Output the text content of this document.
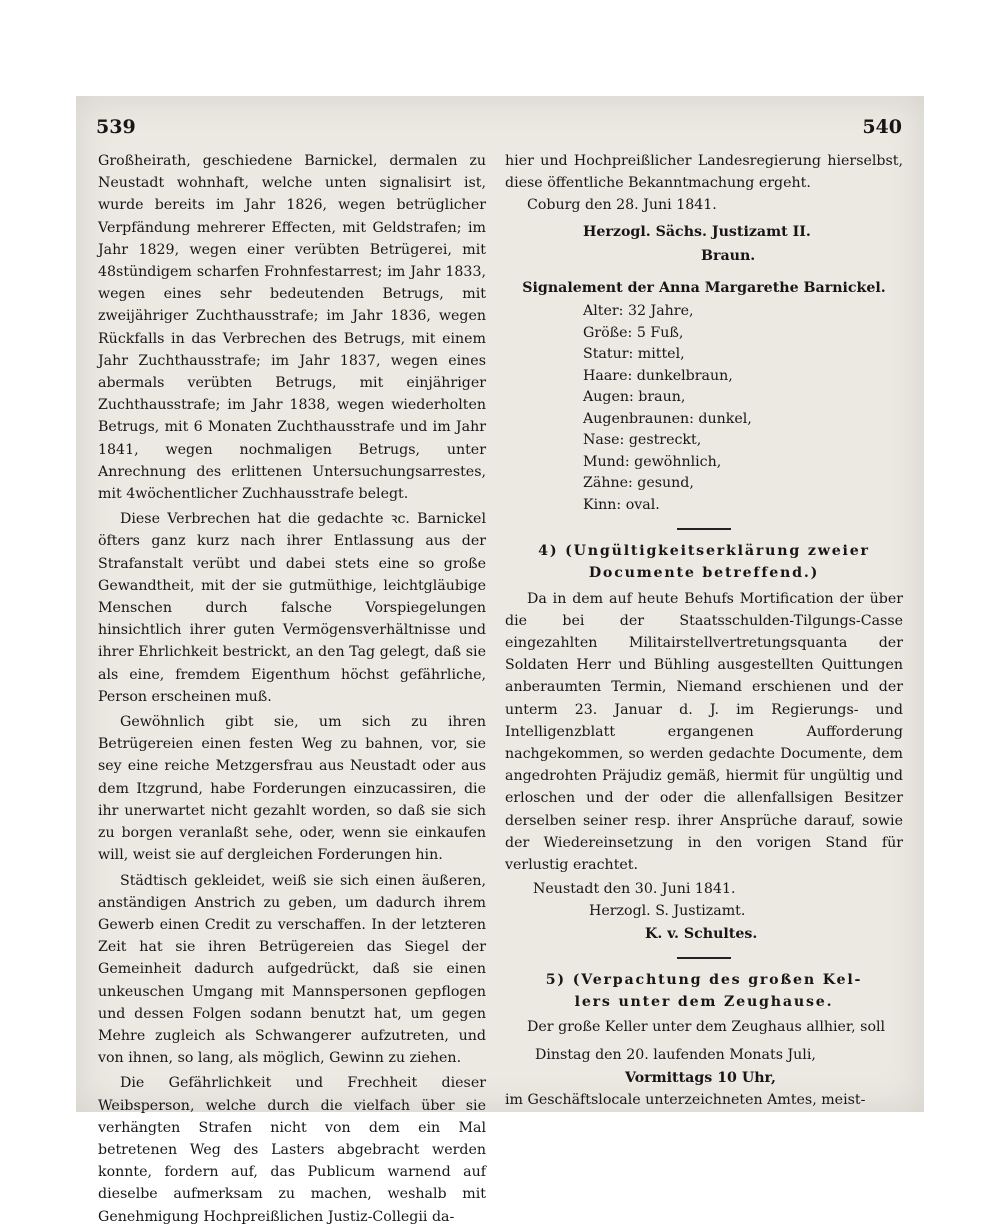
539	540

Großheirath, geschiedene Barnickel, dermalen zu Neustadt wohnhaft, welche unten signalisirt ist, wurde bereits im Jahr 1826, wegen betrüglicher Verpfändung mehrerer Effecten, mit Geldstrafen; im Jahr 1829, wegen einer verübten Betrügerei, mit 48stündigem scharfen Frohnfestarrest; im Jahr 1833, wegen eines sehr bedeutenden Betrugs, mit zweijähriger Zuchthausstrafe; im Jahr 1836, wegen Rückfalls in das Verbrechen des Betrugs, mit einem Jahr Zuchthausstrafe; im Jahr 1837, wegen eines abermals verübten Betrugs, mit einjähriger Zuchthausstrafe; im Jahr 1838, wegen wiederholten Betrugs, mit 6 Monaten Zuchthausstrafe und im Jahr 1841, wegen nochmaligen Betrugs, unter Anrechnung des erlittenen Untersuchungsarrestes, mit 4wöchentlicher Zuchhausstrafe belegt.

Diese Verbrechen hat die gedachte ꝛc. Barnickel öfters ganz kurz nach ihrer Entlassung aus der Strafanstalt verübt und dabei stets eine so große Gewandtheit, mit der sie gutmüthige, leichtgläubige Menschen durch falsche Vorspiegelungen hinsichtlich ihrer guten Vermögensverhältnisse und ihrer Ehrlichkeit bestrickt, an den Tag gelegt, daß sie als eine, fremdem Eigenthum höchst gefährliche, Person erscheinen muß.

Gewöhnlich gibt sie, um sich zu ihren Betrügereien einen festen Weg zu bahnen, vor, sie sey eine reiche Metzgersfrau aus Neustadt oder aus dem Itzgrund, habe Forderungen einzucassiren, die ihr unerwartet nicht gezahlt worden, so daß sie sich zu borgen veranlaßt sehe, oder, wenn sie einkaufen will, weist sie auf dergleichen Forderungen hin.

Städtisch gekleidet, weiß sie sich einen äußeren, anständigen Anstrich zu geben, um dadurch ihrem Gewerb einen Credit zu verschaffen. In der letzteren Zeit hat sie ihren Betrügereien das Siegel der Gemeinheit dadurch aufgedrückt, daß sie einen unkeuschen Umgang mit Mannspersonen gepflogen und dessen Folgen sodann benutzt hat, um gegen Mehre zugleich als Schwangerer aufzutreten, und von ihnen, so lang, als möglich, Gewinn zu ziehen.

Die Gefährlichkeit und Frechheit dieser Weibsperson, welche durch die vielfach über sie verhängten Strafen nicht von dem ein Mal betretenen Weg des Lasters abgebracht werden konnte, fordern auf, das Publicum warnend auf dieselbe aufmerksam zu machen, weshalb mit Genehmigung Hochpreißlichen Justiz-Collegii da-

hier und Hochpreißlicher Landesregierung hierselbst, diese öffentliche Bekanntmachung ergeht.

Coburg den 28. Juni 1841.

Herzogl. Sächs. Justizamt II.
Braun.
Signalement der Anna Margarethe Barnickel.
Alter: 32 Jahre,
Größe: 5 Fuß,
Statur: mittel,
Haare: dunkelbraun,
Augen: braun,
Augenbraunen: dunkel,
Nase: gestreckt,
Mund: gewöhnlich,
Zähne: gesund,
Kinn: oval.
4) (Ungültigkeitserklärung zweier
Documente betreffend.)

Da in dem auf heute Behufs Mortification der über die bei der Staatsschulden-Tilgungs-Casse eingezahlten Militairstellvertretungsquanta der Soldaten Herr und Bühling ausgestellten Quittungen anberaumten Termin, Niemand erschienen und der unterm 23. Januar d. J. im Regierungs- und Intelligenzblatt ergangenen Aufforderung nachgekommen, so werden gedachte Documente, dem angedrohten Präjudiz gemäß, hiermit für ungültig und erloschen und der oder die allenfallsigen Besitzer derselben seiner resp. ihrer Ansprüche darauf, sowie der Wiedereinsetzung in den vorigen Stand für verlustig erachtet.

Neustadt den 30. Juni 1841.
Herzogl. S. Justizamt.
K. v. Schultes.
5) (Verpachtung des großen Kel-
lers unter dem Zeughause.

Der große Keller unter dem Zeughaus allhier, soll

Dinstag den 20. laufenden Monats Juli,
Vormittags 10 Uhr,

im Geschäftslocale unterzeichneten Amtes, meist-
